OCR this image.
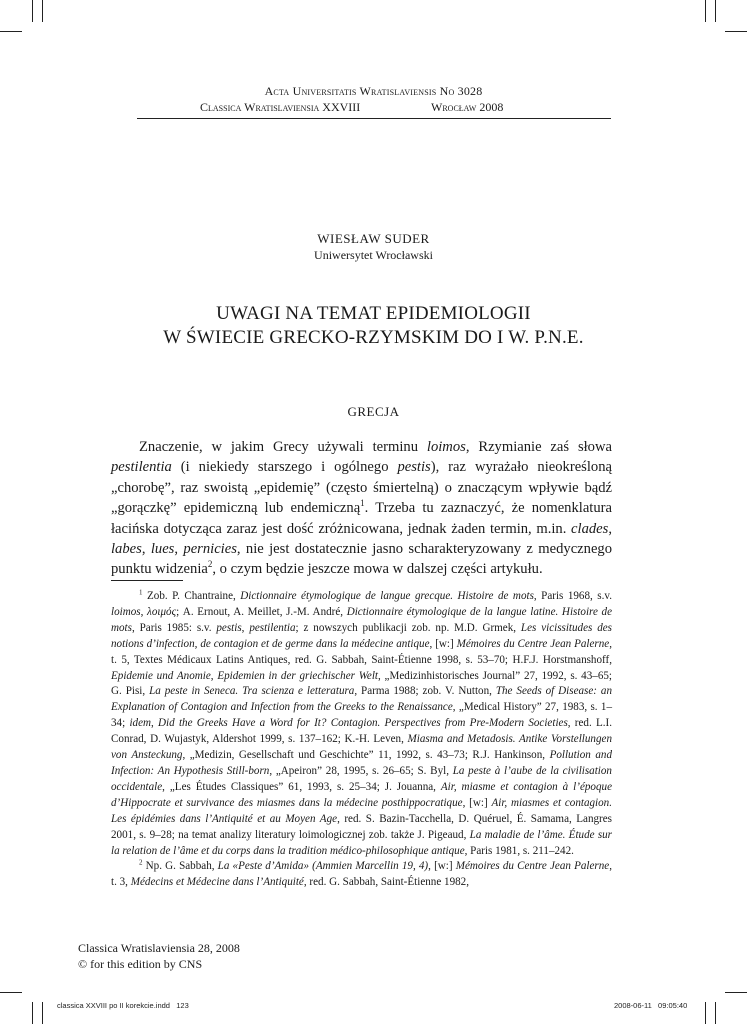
Acta Universitatis Wratislaviensis No 3028
Classica Wratislaviensia XXVIII	Wrocław 2008
WIESŁAW SUDER
Uniwersytet Wrocławski
UWAGI NA TEMAT EPIDEMIOLOGII
W ŚWIECIE GRECKO-RZYMSKIM DO I W. P.N.E.
GRECJA

Znaczenie, w jakim Grecy używali terminu loimos, Rzymianie zaś słowa pestilentia (i niekiedy starszego i ogólnego pestis), raz wyrażało nieokreśloną „chorobę”, raz swoistą „epidemię” (często śmiertelną) o znaczącym wpływie bądź „gorączkę” epidemiczną lub endemiczną$^1$. Trzeba tu zaznaczyć, że nomenklatura łacińska dotycząca zaraz jest dość zróżnicowana, jednak żaden termin, m.in. clades, labes, lues, pernicies, nie jest dostatecznie jasno scharakteryzowany z medycznego punktu widzenia$^2$, o czym będzie jeszcze mowa w dalszej części artykułu.

$^1$ Zob. P. Chantraine, Dictionnaire étymologique de langue grecque. Histoire de mots, Paris 1968, s.v. loimos, λοιμός; A. Ernout, A. Meillet, J.-M. André, Dictionnaire étymologique de la langue latine. Histoire de mots, Paris 1985: s.v. pestis, pestilentia; z nowszych publikacji zob. np. M.D. Grmek, Les vicissitudes des notions d’infection, de contagion et de germe dans la médecine antique, [w:] Mémoires du Centre Jean Palerne, t. 5, Textes Médicaux Latins Antiques, red. G. Sabbah, Saint-Étienne 1998, s. 53–70; H.F.J. Horstmanshoff, Epidemie und Anomie, Epidemien in der griechischer Welt, „Medizinhistorisches Journal” 27, 1992, s. 43–65; G. Pisi, La peste in Seneca. Tra scienza e letteratura, Parma 1988; zob. V. Nutton, The Seeds of Disease: an Explanation of Contagion and Infection from the Greeks to the Renaissance, „Medical History” 27, 1983, s. 1–34; idem, Did the Greeks Have a Word for It? Contagion. Perspectives from Pre-Modern Societies, red. L.I. Conrad, D. Wujastyk, Aldershot 1999, s. 137–162; K.-H. Leven, Miasma and Metadosis. Antike Vorstellungen von Ansteckung, „Medizin, Gesellschaft und Geschichte” 11, 1992, s. 43–73; R.J. Hankinson, Pollution and Infection: An Hypothesis Still-born, „Apeiron” 28, 1995, s. 26–65; S. Byl, La peste à l’aube de la civilisation occidentale, „Les Études Classiques” 61, 1993, s. 25–34; J. Jouanna, Air, miasme et contagion à l’époque d’Hippocrate et survivance des miasmes dans la médecine posthippocratique, [w:] Air, miasmes et contagion. Les épidémies dans l’Antiquité et au Moyen Age, red. S. Bazin-Tacchella, D. Quéruel, É. Samama, Langres 2001, s. 9–28; na temat analizy literatury loimologicznej zob. także J. Pigeaud, La maladie de l’âme. Étude sur la relation de l’âme et du corps dans la tradition médico-philosophique antique, Paris 1981, s. 211–242.

$^2$ Np. G. Sabbah, La «Peste d’Amida» (Ammien Marcellin 19, 4), [w:] Mémoires du Centre Jean Palerne, t. 3, Médecins et Médecine dans l’Antiquité, red. G. Sabbah, Saint-Étienne 1982,

Classica Wratislaviensia 28, 2008
© for this edition by CNS
classica XXVIII po II korekcie.indd 123	2008-06-11   09:05:40
